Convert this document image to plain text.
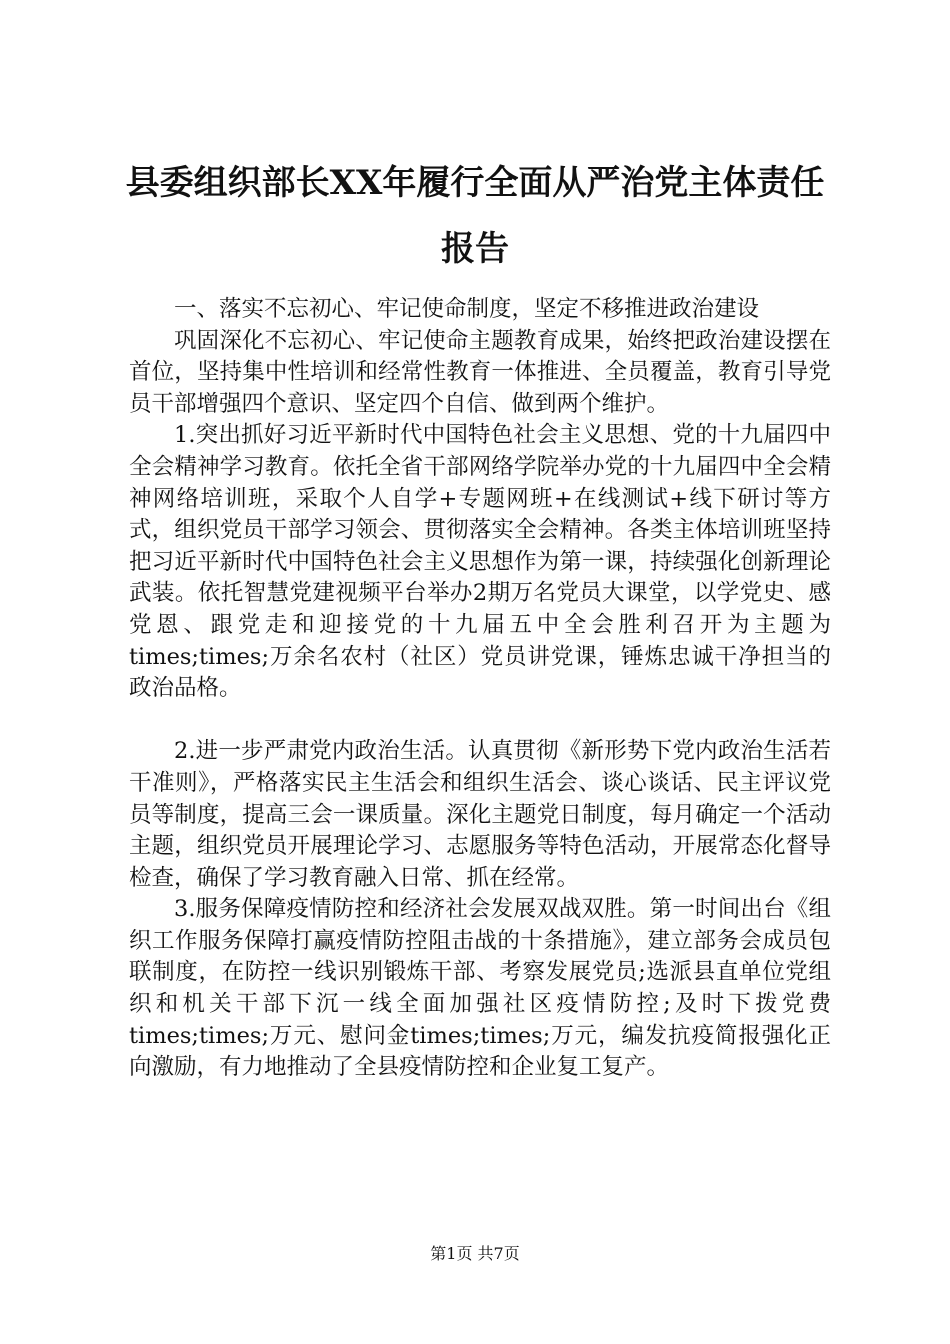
县委组织部长XX年履行全面从严治党主体责任报告

一、落实不忘初心、牢记使命制度，坚定不移推进政治建设

巩固深化不忘初心、牢记使命主题教育成果，始终把政治建设摆在首位，坚持集中性培训和经常性教育一体推进、全员覆盖，教育引导党员干部增强四个意识、坚定四个自信、做到两个维护。

1.突出抓好习近平新时代中国特色社会主义思想、党的十九届四中全会精神学习教育。依托全省干部网络学院举办党的十九届四中全会精神网络培训班，采取个人自学+专题网班+在线测试+线下研讨等方式，组织党员干部学习领会、贯彻落实全会精神。各类主体培训班坚持把习近平新时代中国特色社会主义思想作为第一课，持续强化创新理论武装。依托智慧党建视频平台举办2期万名党员大课堂，以学党史、感党恩、跟党走和迎接党的十九届五中全会胜利召开为主题为times;times;万余名农村（社区）党员讲党课，锤炼忠诚干净担当的政治品格。

2.进一步严肃党内政治生活。认真贯彻《新形势下党内政治生活若干准则》，严格落实民主生活会和组织生活会、谈心谈话、民主评议党员等制度，提高三会一课质量。深化主题党日制度，每月确定一个活动主题，组织党员开展理论学习、志愿服务等特色活动，开展常态化督导检查，确保了学习教育融入日常、抓在经常。

3.服务保障疫情防控和经济社会发展双战双胜。第一时间出台《组织工作服务保障打赢疫情防控阻击战的十条措施》，建立部务会成员包联制度，在防控一线识别锻炼干部、考察发展党员;选派县直单位党组织和机关干部下沉一线全面加强社区疫情防控;及时下拨党费times;times;万元、慰问金times;times;万元，编发抗疫简报强化正向激励，有力地推动了全县疫情防控和企业复工复产。

第1页 共7页
